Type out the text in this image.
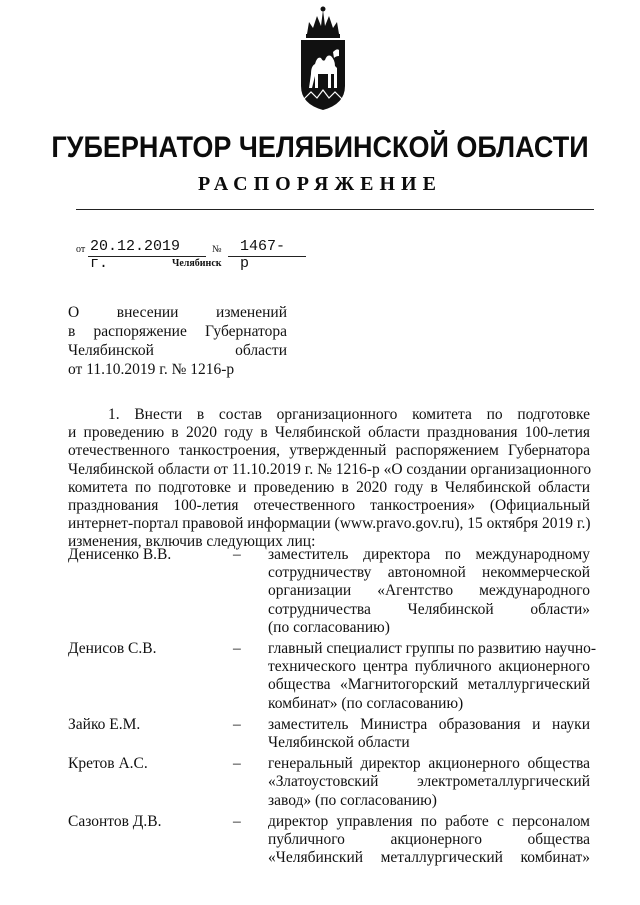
ГУБЕРНАТОР ЧЕЛЯБИНСКОЙ ОБЛАСТИ
РАСПОРЯЖЕНИЕ
от 20.12.2019 г.
№ 1467-р
Челябинск
О внесении изменений
в распоряжение Губернатора
Челябинской области
от 11.10.2019 г. № 1216-р
1. Внести в состав организационного комитета по подготовке
и проведению в 2020 году в Челябинской области празднования 100-летия
отечественного танкостроения, утвержденный распоряжением Губернатора
Челябинской области от 11.10.2019 г. № 1216-р «О создании организационного
комитета по подготовке и проведению в 2020 году в Челябинской области
празднования 100-летия отечественного танкостроения» (Официальный
интернет-портал правовой информации (www.pravo.gov.ru), 15 октября 2019 г.)
изменения, включив следующих лиц:
Денисенко В.В.	– заместитель директора по международному
сотрудничеству автономной некоммерческой
организации «Агентство международного
сотрудничества Челябинской области»
(по согласованию)
Денисов С.В.	– главный специалист группы по развитию научно-
технического центра публичного акционерного
общества «Магнитогорский металлургический
комбинат» (по согласованию)
Зайко Е.М.	– заместитель Министра образования и науки
Челябинской области
Кретов А.С.	– генеральный директор акционерного общества
«Златоустовский электрометаллургический
завод» (по согласованию)
Сазонтов Д.В.	– директор управления по работе с персоналом
публичного акционерного общества
«Челябинский металлургический комбинат»
